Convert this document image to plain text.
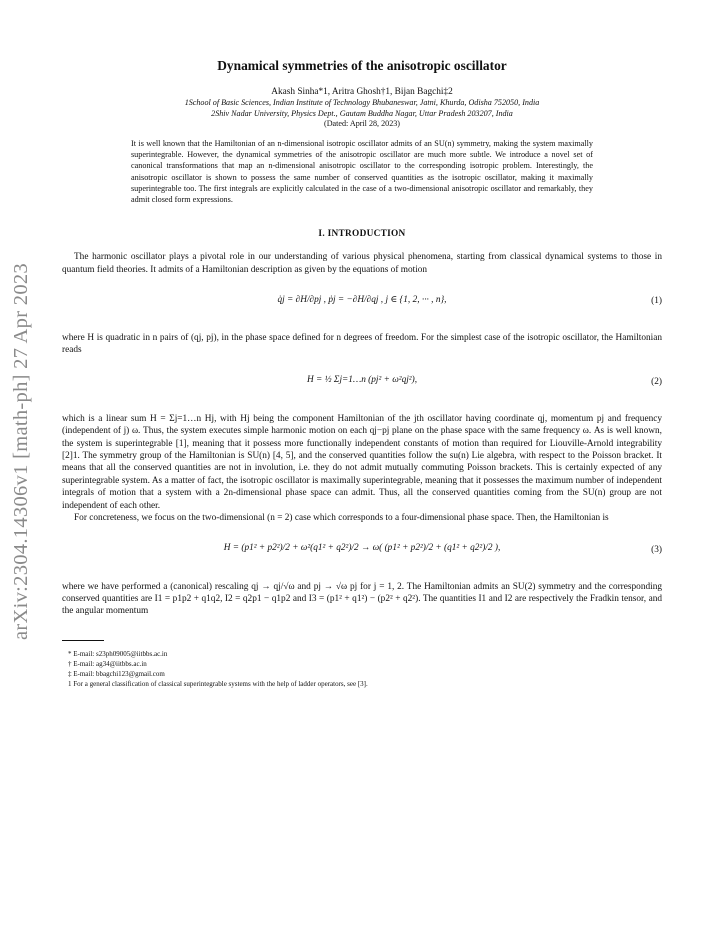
arXiv:2304.14306v1 [math-ph] 27 Apr 2023
Dynamical symmetries of the anisotropic oscillator
Akash Sinha*1, Aritra Ghosh†1, Bijan Bagchi‡2
1School of Basic Sciences, Indian Institute of Technology Bhubaneswar, Jatni, Khurda, Odisha 752050, India
2Shiv Nadar University, Physics Dept., Gautam Buddha Nagar, Uttar Pradesh 203207, India
(Dated: April 28, 2023)

It is well known that the Hamiltonian of an n-dimensional isotropic oscillator admits of an SU(n) symmetry, making the system maximally superintegrable. However, the dynamical symmetries of the anisotropic oscillator are much more subtle. We introduce a novel set of canonical transformations that map an n-dimensional anisotropic oscillator to the corresponding isotropic problem. Interestingly, the anisotropic oscillator is shown to possess the same number of conserved quantities as the isotropic oscillator, making it maximally superintegrable too. The first integrals are explicitly calculated in the case of a two-dimensional anisotropic oscillator and remarkably, they admit closed form expressions.

I. INTRODUCTION

The harmonic oscillator plays a pivotal role in our understanding of various physical phenomena, starting from classical dynamical systems to those in quantum field theories. It admits of a Hamiltonian description as given by the equations of motion

q̇j = ∂H/∂pj , ṗj = −∂H/∂qj , j ∈ {1, 2, ··· , n},	(1)

where H is quadratic in n pairs of (qj, pj), in the phase space defined for n degrees of freedom. For the simplest case of the isotropic oscillator, the Hamiltonian reads

H = ½ Σj=1…n (pj² + ω²qj²),	(2)

which is a linear sum H = Σj=1…n Hj, with Hj being the component Hamiltonian of the jth oscillator having coordinate qj, momentum pj and frequency (independent of j) ω. Thus, the system executes simple harmonic motion on each qj−pj plane on the phase space with the same frequency ω. As is well known, the system is superintegrable [1], meaning that it possess more functionally independent constants of motion than required for Liouville-Arnold integrability [2]1. The symmetry group of the Hamiltonian is SU(n) [4, 5], and the conserved quantities follow the su(n) Lie algebra, with respect to the Poisson bracket. It means that all the conserved quantities are not in involution, i.e. they do not admit mutually commuting Poisson brackets. This is certainly expected of any superintegrable system. As a matter of fact, the isotropic oscillator is maximally superintegrable, meaning that it possesses the maximum number of independent integrals of motion that a system with a 2n-dimensional phase space can admit. Thus, all the conserved quantities coming from the SU(n) group are not independent of each other.

For concreteness, we focus on the two-dimensional (n = 2) case which corresponds to a four-dimensional phase space. Then, the Hamiltonian is

H = (p1² + p2²)/2 + ω²(q1² + q2²)/2 → ω( (p1² + p2²)/2 + (q1² + q2²)/2 ),	(3)

where we have performed a (canonical) rescaling qj → qj/√ω and pj → √ω pj for j = 1, 2. The Hamiltonian admits an SU(2) symmetry and the corresponding conserved quantities are I1 = p1p2 + q1q2, I2 = q2p1 − q1p2 and I3 = (p1² + q1²) − (p2² + q2²). The quantities I1 and I2 are respectively the Fradkin tensor, and the angular momentum

* E-mail: s23ph09005@iitbbs.ac.in
† E-mail: ag34@iitbbs.ac.in
‡ E-mail: bbagchi123@gmail.com
1 For a general classification of classical superintegrable systems with the help of ladder operators, see [3].
